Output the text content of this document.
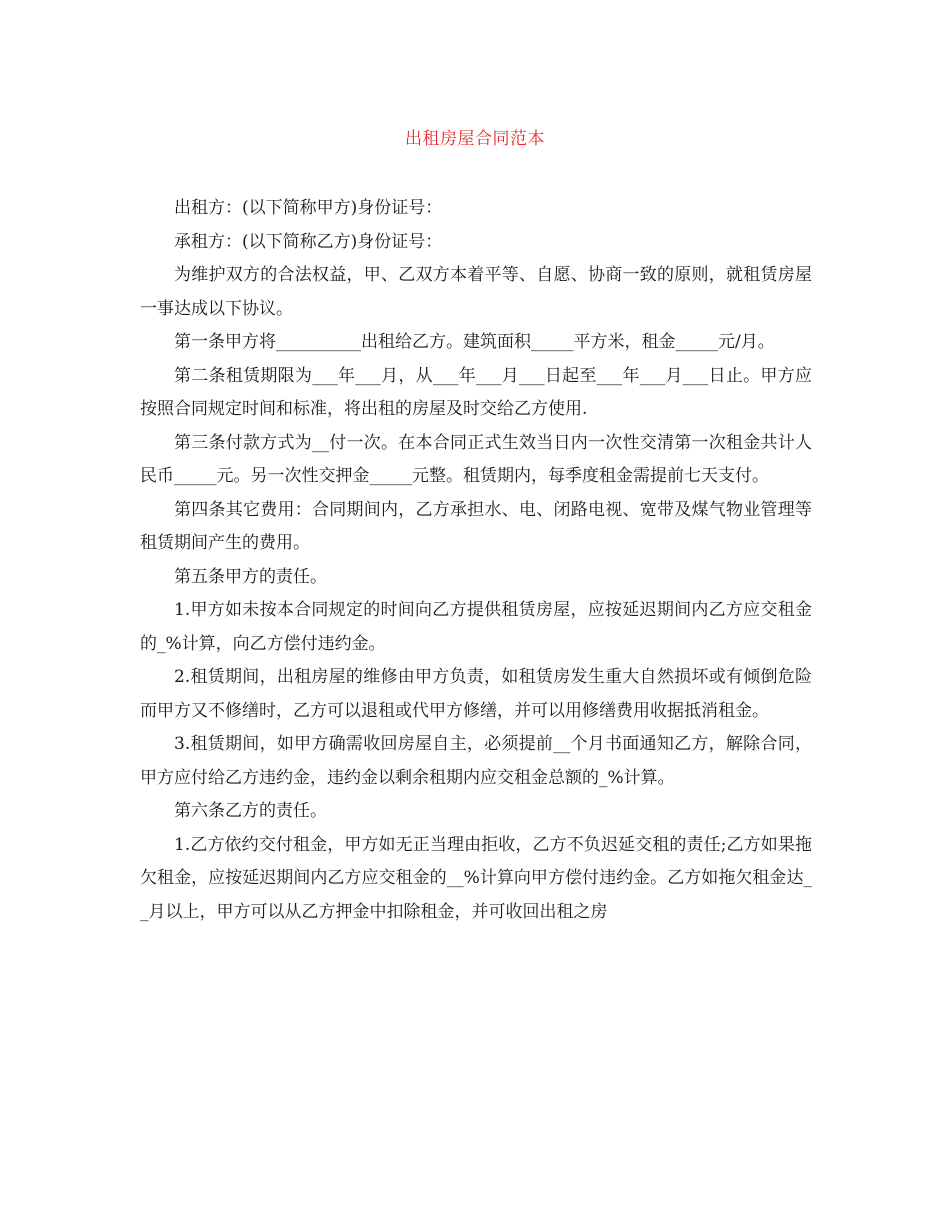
出租房屋合同范本

出租方：(以下简称甲方)身份证号：

承租方：(以下简称乙方)身份证号：

为维护双方的合法权益，甲、乙双方本着平等、自愿、协商一致的原则，就租赁房屋一事达成以下协议。

第一条甲方将__________出租给乙方。建筑面积_____平方米，租金_____元/月。

第二条租赁期限为___年___月，从___年___月___日起至___年___月___日止。甲方应按照合同规定时间和标准，将出租的房屋及时交给乙方使用.

第三条付款方式为__付一次。在本合同正式生效当日内一次性交清第一次租金共计人民币_____元。另一次性交押金_____元整。租赁期内，每季度租金需提前七天支付。

第四条其它费用：合同期间内，乙方承担水、电、闭路电视、宽带及煤气物业管理等租赁期间产生的费用。

第五条甲方的责任。

1.甲方如未按本合同规定的时间向乙方提供租赁房屋，应按延迟期间内乙方应交租金的_%计算，向乙方偿付违约金。

2.租赁期间，出租房屋的维修由甲方负责，如租赁房发生重大自然损坏或有倾倒危险而甲方又不修缮时，乙方可以退租或代甲方修缮，并可以用修缮费用收据抵消租金。

3.租赁期间，如甲方确需收回房屋自主，必须提前__个月书面通知乙方，解除合同，甲方应付给乙方违约金，违约金以剩余租期内应交租金总额的_%计算。

第六条乙方的责任。

1.乙方依约交付租金，甲方如无正当理由拒收，乙方不负迟延交租的责任;乙方如果拖欠租金，应按延迟期间内乙方应交租金的__%计算向甲方偿付违约金。乙方如拖欠租金达__月以上，甲方可以从乙方押金中扣除租金，并可收回出租之房
